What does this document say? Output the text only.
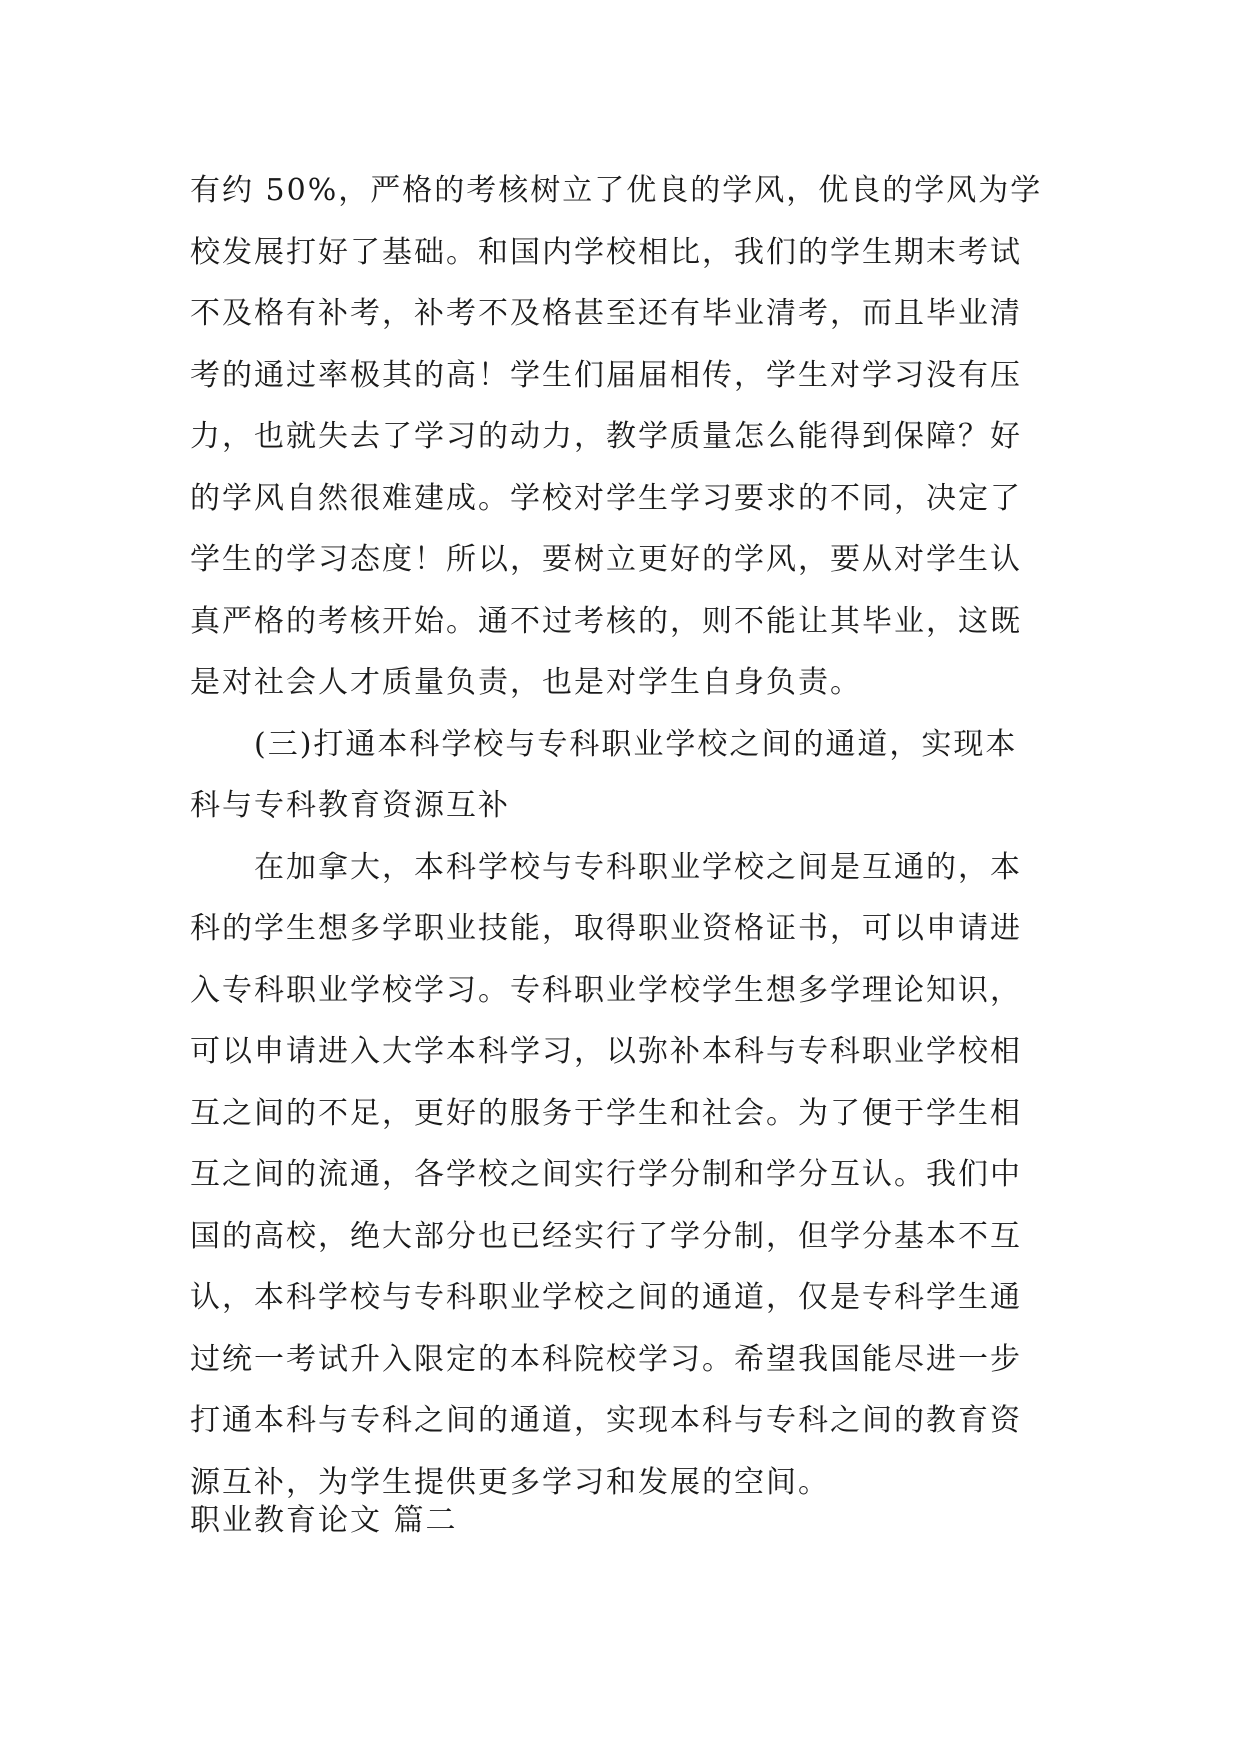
有约 50%，严格的考核树立了优良的学风，优良的学风为学
校发展打好了基础。和国内学校相比，我们的学生期末考试
不及格有补考，补考不及格甚至还有毕业清考，而且毕业清
考的通过率极其的高！学生们届届相传，学生对学习没有压
力，也就失去了学习的动力，教学质量怎么能得到保障？好
的学风自然很难建成。学校对学生学习要求的不同，决定了
学生的学习态度！所以，要树立更好的学风，要从对学生认
真严格的考核开始。通不过考核的，则不能让其毕业，这既
是对社会人才质量负责，也是对学生自身负责。
　　(三)打通本科学校与专科职业学校之间的通道，实现本
科与专科教育资源互补
　　在加拿大，本科学校与专科职业学校之间是互通的，本
科的学生想多学职业技能，取得职业资格证书，可以申请进
入专科职业学校学习。专科职业学校学生想多学理论知识，
可以申请进入大学本科学习，以弥补本科与专科职业学校相
互之间的不足，更好的服务于学生和社会。为了便于学生相
互之间的流通，各学校之间实行学分制和学分互认。我们中
国的高校，绝大部分也已经实行了学分制，但学分基本不互
认，本科学校与专科职业学校之间的通道，仅是专科学生通
过统一考试升入限定的本科院校学习。希望我国能尽进一步
打通本科与专科之间的通道，实现本科与专科之间的教育资
源互补，为学生提供更多学习和发展的空间。
职业教育论文 篇二
